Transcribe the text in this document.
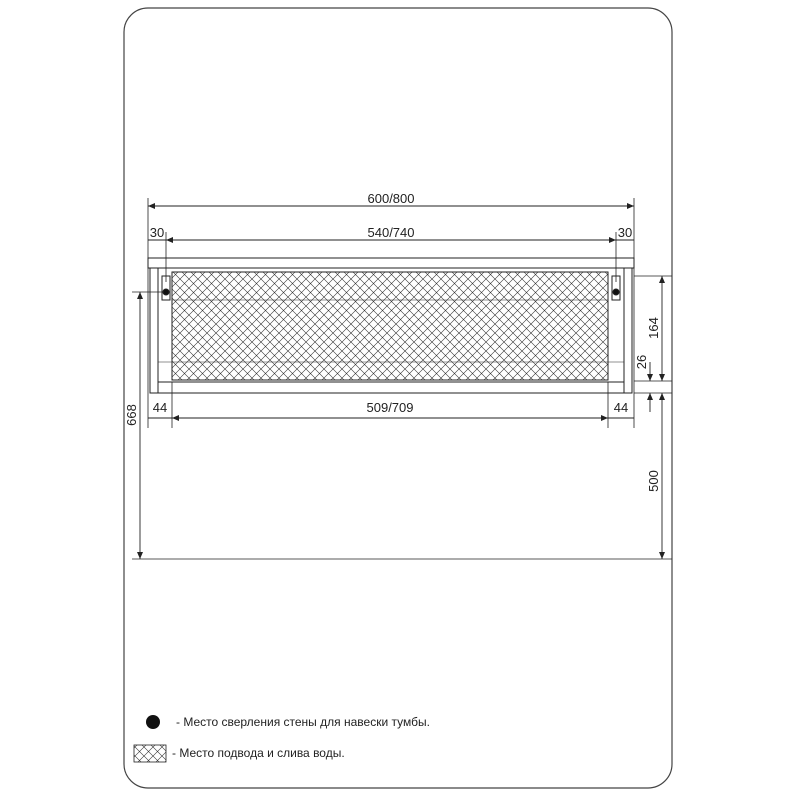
600/800
540/740
30	30
509/709
44	44
668
164
26
500
- Место сверления стены для навески тумбы.
- Место подвода и слива воды.
